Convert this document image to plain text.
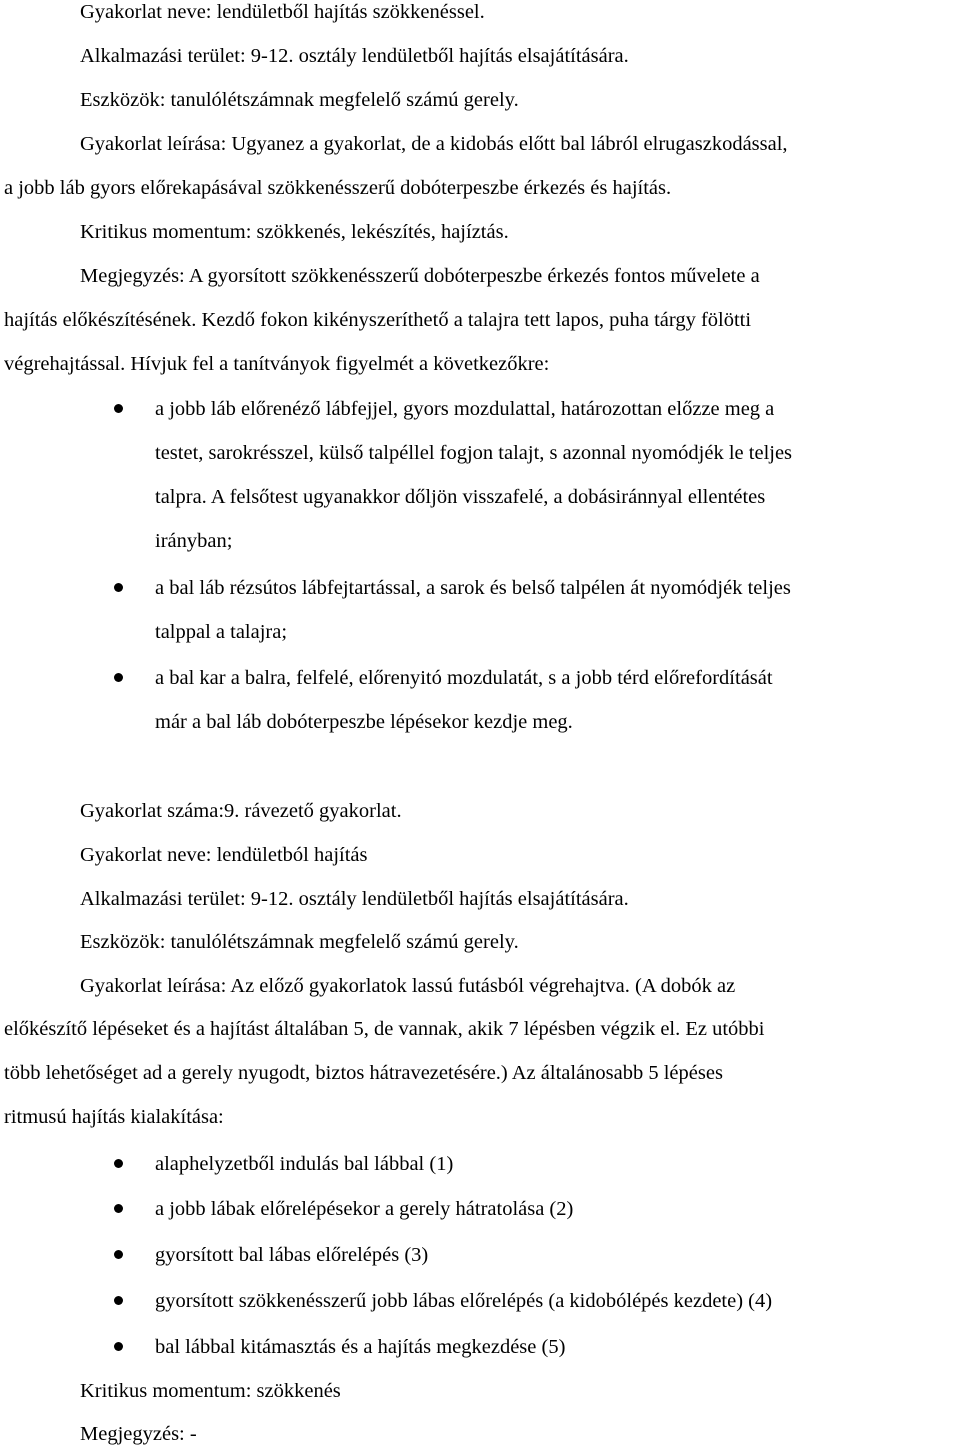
Gyakorlat neve: lendületből hajítás szökkenéssel.
Alkalmazási terület: 9-12. osztály lendületből hajítás elsajátítására.
Eszközök: tanulólétszámnak megfelelő számú gerely.
Gyakorlat leírása: Ugyanez a gyakorlat, de a kidobás előtt bal lábról elrugaszkodással,
a jobb láb gyors előrekapásával szökkenésszerű dobóterpeszbe érkezés és hajítás.
Kritikus momentum: szökkenés, lekészítés, hajíztás.
Megjegyzés: A gyorsított szökkenésszerű dobóterpeszbe érkezés fontos művelete a
hajítás előkészítésének. Kezdő fokon kikényszeríthető a talajra tett lapos, puha tárgy fölötti
végrehajtással. Hívjuk fel a tanítványok figyelmét a következőkre:
a jobb láb előrenéző lábfejjel, gyors mozdulattal, határozottan előzze meg a
testet, sarokrésszel, külső talpéllel fogjon talajt, s azonnal nyomódjék le teljes
talpra. A felsőtest ugyanakkor dőljön visszafelé, a dobásiránnyal ellentétes
irányban;
a bal láb rézsútos lábfejtartással, a sarok és belső talpélen át nyomódjék teljes
talppal a talajra;
a bal kar a balra, felfelé, előrenyitó mozdulatát, s a jobb térd előrefordítását
már a bal láb dobóterpeszbe lépésekor kezdje meg.
Gyakorlat száma:9. rávezető gyakorlat.
Gyakorlat neve: lendületból hajítás
Alkalmazási terület: 9-12. osztály lendületből hajítás elsajátítására.
Eszközök: tanulólétszámnak megfelelő számú gerely.
Gyakorlat leírása: Az előző gyakorlatok lassú futásból végrehajtva. (A dobók az
előkészítő lépéseket és a hajítást általában 5, de vannak, akik 7 lépésben végzik el. Ez utóbbi
több lehetőséget ad a gerely nyugodt, biztos hátravezetésére.) Az általánosabb 5 lépéses
ritmusú hajítás kialakítása:
alaphelyzetből indulás bal lábbal (1)
a jobb lábak előrelépésekor a gerely hátratolása (2)
gyorsított bal lábas előrelépés (3)
gyorsított szökkenésszerű jobb lábas előrelépés (a kidobólépés kezdete) (4)
bal lábbal kitámasztás és a hajítás megkezdése (5)
Kritikus momentum: szökkenés
Megjegyzés: -
